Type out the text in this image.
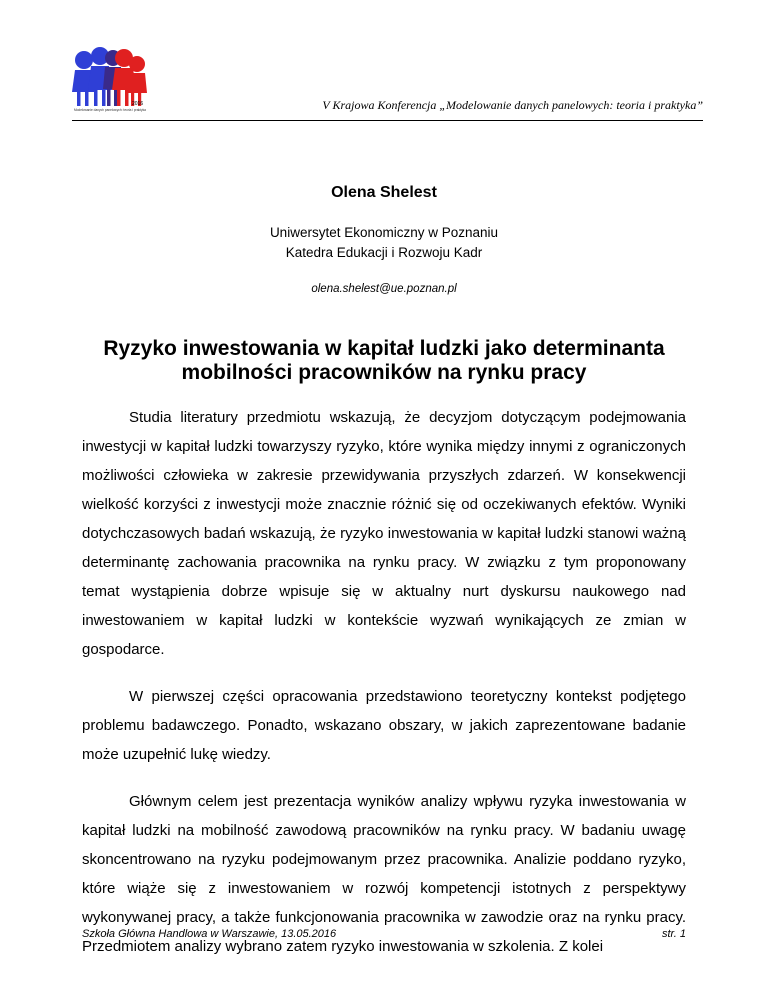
2016
Modelowanie danych panelowych: teoria i praktyka	V Krajowa Konferencja „Modelowanie danych panelowych: teoria i praktyka”
Olena Shelest
Uniwersytet Ekonomiczny w Poznaniu
Katedra Edukacji i Rozwoju Kadr
olena.shelest@ue.poznan.pl
Ryzyko inwestowania w kapitał ludzki jako determinanta mobilności pracowników na rynku pracy

Studia literatury przedmiotu wskazują, że decyzjom dotyczącym podejmowania inwestycji w kapitał ludzki towarzyszy ryzyko, które wynika między innymi z ograniczonych możliwości człowieka w zakresie przewidywania przyszłych zdarzeń. W konsekwencji wielkość korzyści z inwestycji może znacznie różnić się od oczekiwanych efektów. Wyniki dotychczasowych badań wskazują, że ryzyko inwestowania w kapitał ludzki stanowi ważną determinantę zachowania pracownika na rynku pracy. W związku z tym proponowany temat wystąpienia dobrze wpisuje się w aktualny nurt dyskursu naukowego nad inwestowaniem w kapitał ludzki w kontekście wyzwań wynikających ze zmian w gospodarce.

W pierwszej części opracowania przedstawiono teoretyczny kontekst podjętego problemu badawczego. Ponadto, wskazano obszary, w jakich zaprezentowane badanie może uzupełnić lukę wiedzy.

Głównym celem jest prezentacja wyników analizy wpływu ryzyka inwestowania w kapitał ludzki na mobilność zawodową pracowników na rynku pracy. W badaniu uwagę skoncentrowano na ryzyku podejmowanym przez pracownika. Analizie poddano ryzyko, które wiąże się z inwestowaniem w rozwój kompetencji istotnych z perspektywy wykonywanej pracy, a także funkcjonowania pracownika w zawodzie oraz na rynku pracy. Przedmiotem analizy wybrano zatem ryzyko inwestowania w szkolenia. Z kolei

Szkoła Główna Handlowa w Warszawie, 13.05.2016	str. 1
